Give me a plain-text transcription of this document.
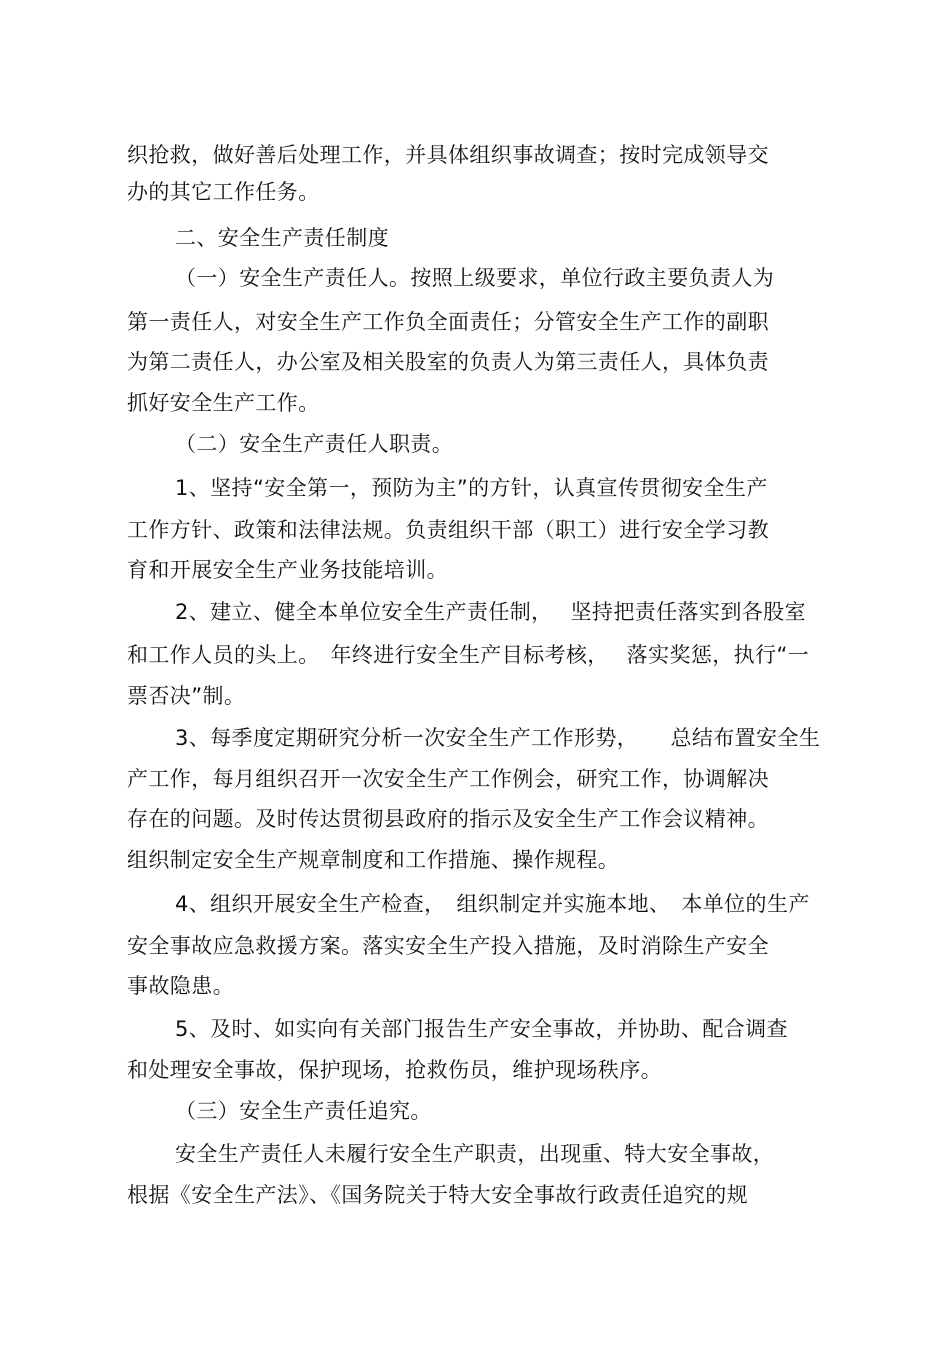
织抢救，做好善后处理工作，并具体组织事故调查；按时完成领导交
办的其它工作任务。
二、安全生产责任制度
（一）安全生产责任人。按照上级要求，单位行政主要负责人为
第一责任人，对安全生产工作负全面责任；分管安全生产工作的副职
为第二责任人，办公室及相关股室的负责人为第三责任人，具体负责
抓好安全生产工作。
（二）安全生产责任人职责。
1、坚持“安全第一，预防为主”的方针，认真宣传贯彻安全生产
工作方针、政策和法律法规。负责组织干部（职工）进行安全学习教
育和开展安全生产业务技能培训。
2、建立、健全本单位安全生产责任制，　 坚持把责任落实到各股室
和工作人员的头上。　年终进行安全生产目标考核，　 落实奖惩，执行“一
票否决”制。
3、每季度定期研究分析一次安全生产工作形势，　　总结布置安全生
产工作，每月组织召开一次安全生产工作例会，研究工作，协调解决
存在的问题。及时传达贯彻县政府的指示及安全生产工作会议精神。
组织制定安全生产规章制度和工作措施、操作规程。
4、组织开展安全生产检查，　组织制定并实施本地、　本单位的生产
安全事故应急救援方案。落实安全生产投入措施，及时消除生产安全
事故隐患。
5、及时、如实向有关部门报告生产安全事故，并协助、配合调查
和处理安全事故，保护现场，抢救伤员，维护现场秩序。
（三）安全生产责任追究。
安全生产责任人未履行安全生产职责，出现重、特大安全事故，
根据《安全生产法》、《国务院关于特大安全事故行政责任追究的规
